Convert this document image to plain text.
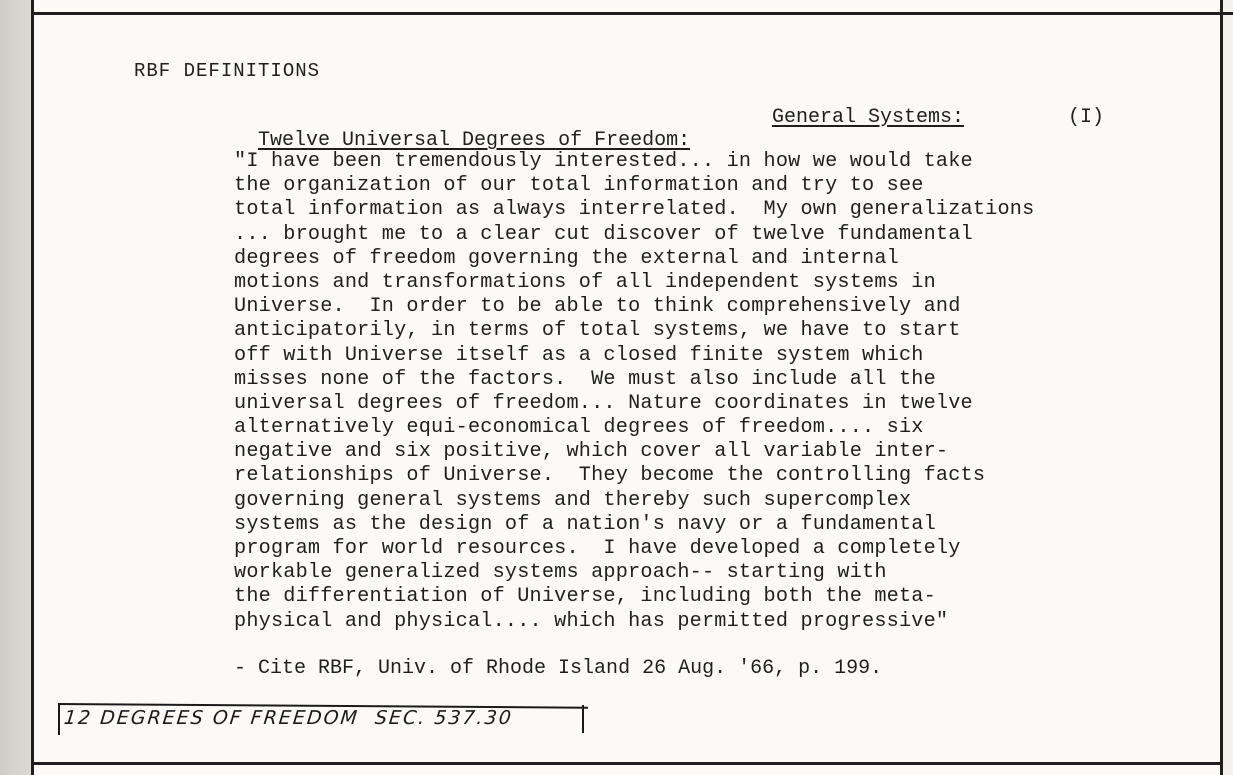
RBF DEFINITIONS

Twelve Universal Degrees of Freedom:

General Systems:

	(I)

"I have been tremendously interested... in how we would take
the organization of our total information and try to see
total information as always interrelated.  My own generalizations
... brought me to a clear cut discover of twelve fundamental
degrees of freedom governing the external and internal
motions and transformations of all independent systems in
Universe.  In order to be able to think comprehensively and
anticipatorily, in terms of total systems, we have to start
off with Universe itself as a closed finite system which
misses none of the factors.  We must also include all the
universal degrees of freedom... Nature coordinates in twelve
alternatively equi-economical degrees of freedom.... six
negative and six positive, which cover all variable inter-
relationships of Universe.  They become the controlling facts
governing general systems and thereby such supercomplex
systems as the design of a nation's navy or a fundamental
program for world resources.  I have developed a completely
workable generalized systems approach-- starting with
the differentiation of Universe, including both the meta-
physical and physical.... which has permitted progressive"
- Cite RBF, Univ. of Rhode Island 26 Aug. '66, p. 199.
12 DEGREES OF FREEDOM  SEC. 537.30
